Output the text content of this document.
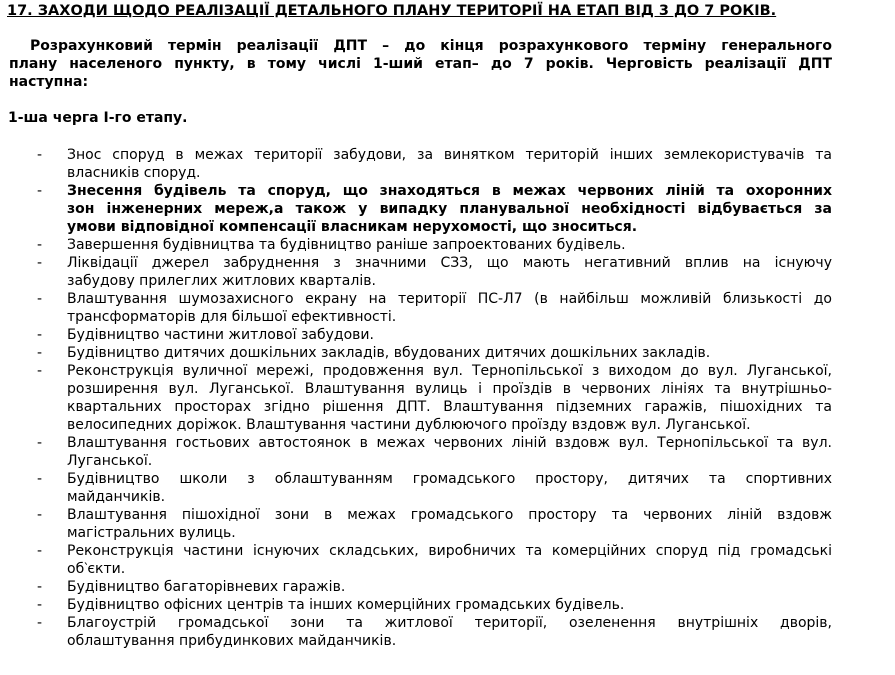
17. ЗАХОДИ ЩОДО РЕАЛІЗАЦІЇ ДЕТАЛЬНОГО ПЛАНУ ТЕРИТОРІЇ НА ЕТАП ВІД 3 ДО 7 РОКІВ.
Розрахунковий термін реалізації ДПТ – до кінця розрахункового терміну генерального
плану населеного пункту, в тому числі 1-ший етап– до 7 років. Черговість реалізації ДПТ
наступна:
1-ша черга І-го етапу.
- Знос споруд в межах території забудови, за винятком територій інших землекористувачів та
власників споруд.
- Знесення будівель та споруд, що знаходяться в межах червоних ліній та охоронних
зон інженерних мереж,а також у випадку планувальної необхідності відбувається за
умови відповідної компенсації власникам нерухомості, що зноситься.
- Завершення будівництва та будівництво раніше запроектованих будівель.
- Ліквідації джерел забруднення з значними СЗЗ, що мають негативний вплив на існуючу
забудову прилеглих житлових кварталів.
- Влаштування шумозахисного екрану на території ПС-Л7 (в найбільш можливій близькості до
трансформаторів для більшої ефективності.
- Будівництво частини житлової забудови.
- Будівництво дитячих дошкільних закладів, вбудованих дитячих дошкільних закладів.
- Реконструкція вуличної мережі, продовження вул. Тернопільської з виходом до вул. Луганської,
розширення вул. Луганської. Влаштування вулиць і проїздів в червоних лініях та внутрішньо-
квартальних просторах згідно рішення ДПТ. Влаштування підземних гаражів, пішохідних та
велосипедних доріжок. Влаштування частини дублюючого проїзду вздовж вул. Луганської.
- Влаштування гостьових автостоянок в межах червоних ліній вздовж вул. Тернопільської та вул.
Луганської.
- Будівництво школи з облаштуванням громадського простору, дитячих та спортивних
майданчиків.
- Влаштування пішохідної зони в межах громадського простору та червоних ліній вздовж
магістральних вулиць.
- Реконструкція частини існуючих складських, виробничих та комерційних споруд під громадські
об‵єкти.
- Будівництво багаторівневих гаражів.
- Будівництво офісних центрів та інших комерційних громадських будівель.
- Благоустрій громадської зони та житлової території, озеленення внутрішніх дворів,
облаштування прибудинкових майданчиків.
